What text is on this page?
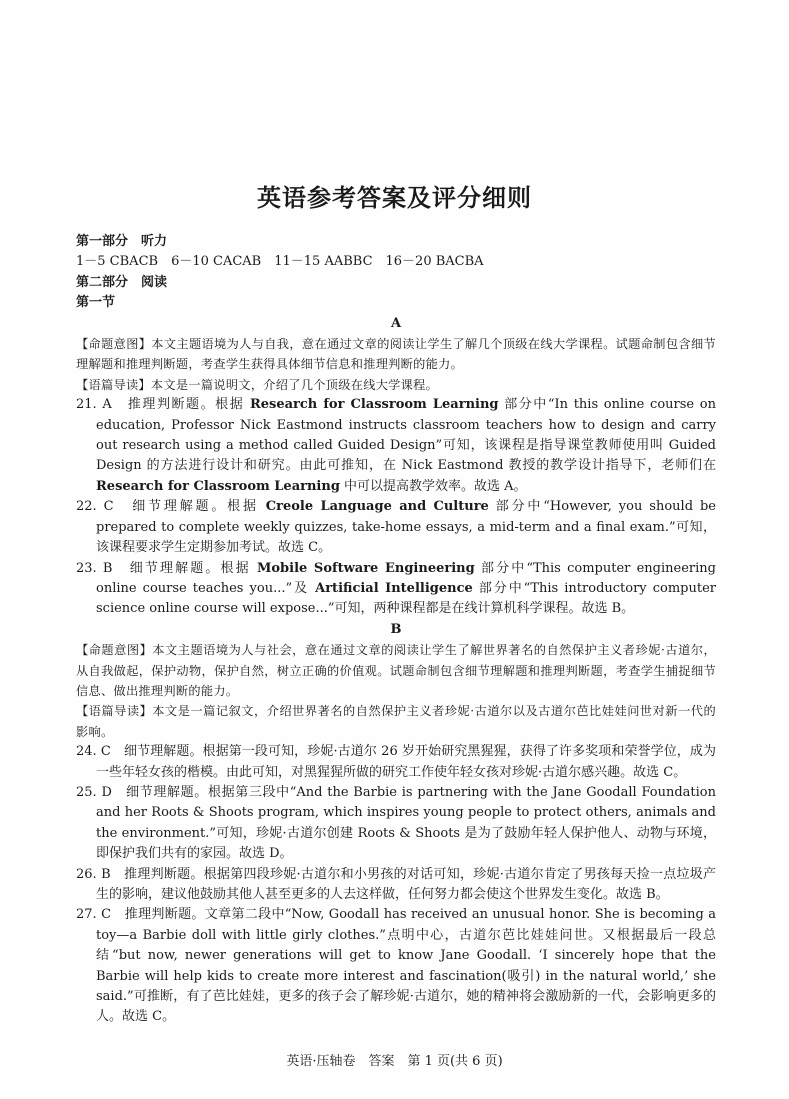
英语参考答案及评分细则

第一部分　听力

1－5 CBACB　6－10 CACAB　11－15 AABBC　16－20 BACBA

第二部分　阅读

第一节

A

【命题意图】本文主题语境为人与自我，意在通过文章的阅读让学生了解几个顶级在线大学课程。试题命制包含细节理解题和推理判断题，考查学生获得具体细节信息和推理判断的能力。

【语篇导读】本文是一篇说明文，介绍了几个顶级在线大学课程。

21. A　推理判断题。根据 Research for Classroom Learning 部分中“In this online course on education, Professor Nick Eastmond instructs classroom teachers how to design and carry out research using a method called Guided Design”可知，该课程是指导课堂教师使用叫 Guided Design 的方法进行设计和研究。由此可推知，在 Nick Eastmond 教授的教学设计指导下，老师们在 Research for Classroom Learning 中可以提高教学效率。故选 A。

22. C　细节理解题。根据 Creole Language and Culture 部分中“However, you should be prepared to complete weekly quizzes, take-home essays, a mid-term and a final exam.”可知，该课程要求学生定期参加考试。故选 C。

23. B　细节理解题。根据 Mobile Software Engineering 部分中“This computer engineering online course teaches you...”及 Artificial Intelligence 部分中“This introductory computer science online course will expose...”可知，两种课程都是在线计算机科学课程。故选 B。

B

【命题意图】本文主题语境为人与社会，意在通过文章的阅读让学生了解世界著名的自然保护主义者珍妮·古道尔，从自我做起，保护动物，保护自然，树立正确的价值观。试题命制包含细节理解题和推理判断题，考查学生捕捉细节信息、做出推理判断的能力。

【语篇导读】本文是一篇记叙文，介绍世界著名的自然保护主义者珍妮·古道尔以及古道尔芭比娃娃问世对新一代的影响。

24. C　细节理解题。根据第一段可知，珍妮·古道尔 26 岁开始研究黑猩猩，获得了许多奖项和荣誉学位，成为一些年轻女孩的楷模。由此可知，对黑猩猩所做的研究工作使年轻女孩对珍妮·古道尔感兴趣。故选 C。

25. D　细节理解题。根据第三段中“And the Barbie is partnering with the Jane Goodall Foundation and her Roots & Shoots program, which inspires young people to protect others, animals and the environment.”可知，珍妮·古道尔创建 Roots & Shoots 是为了鼓励年轻人保护他人、动物与环境，即保护我们共有的家园。故选 D。

26. B　推理判断题。根据第四段珍妮·古道尔和小男孩的对话可知，珍妮·古道尔肯定了男孩每天捡一点垃圾产生的影响，建议他鼓励其他人甚至更多的人去这样做，任何努力都会使这个世界发生变化。故选 B。

27. C　推理判断题。文章第二段中“Now, Goodall has received an unusual honor. She is becoming a toy—a Barbie doll with little girly clothes.”点明中心，古道尔芭比娃娃问世。又根据最后一段总结“but now, newer generations will get to know Jane Goodall. ‘I sincerely hope that the Barbie will help kids to create more interest and fascination(吸引) in the natural world,’ she said.”可推断，有了芭比娃娃，更多的孩子会了解珍妮·古道尔，她的精神将会激励新的一代，会影响更多的人。故选 C。

英语·压轴卷　答案　第 1 页(共 6 页)
